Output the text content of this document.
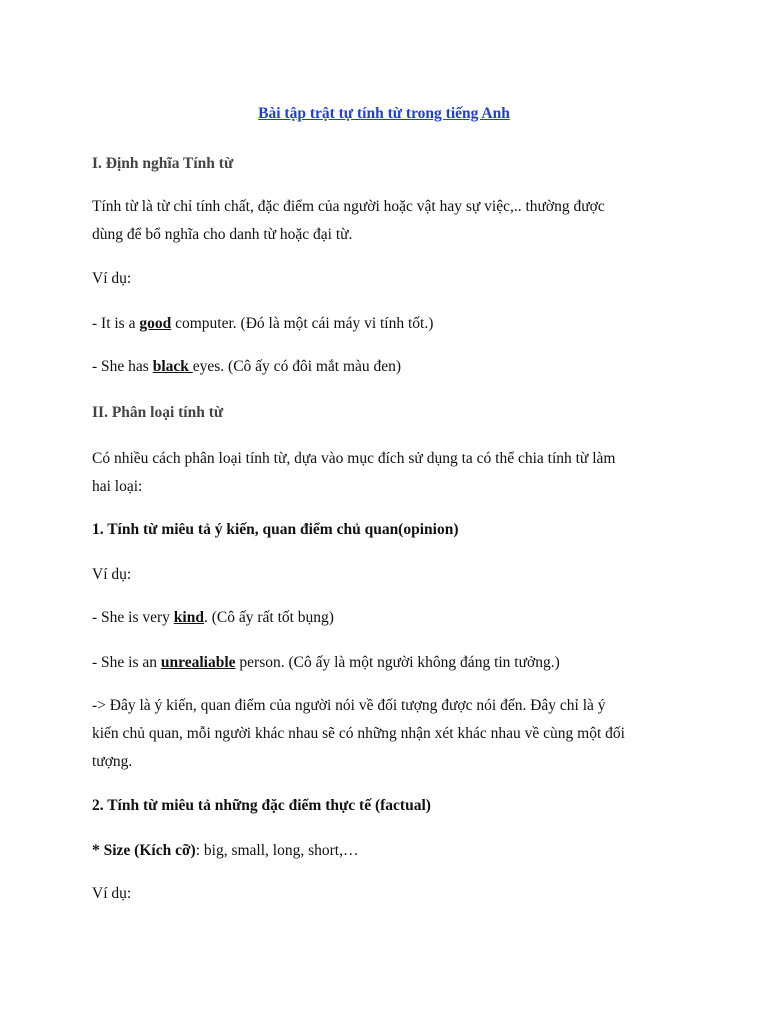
Bài tập trật tự tính từ trong tiếng Anh

I. Định nghĩa Tính từ

Tính từ là từ chỉ tính chất, đặc điểm của người hoặc vật hay sự việc,.. thường được

dùng để bổ nghĩa cho danh từ hoặc đại từ.

Ví dụ:

- It is a good computer. (Đó là một cái máy vi tính tốt.)

- She has black eyes. (Cô ấy có đôi mắt màu đen)

II. Phân loại tính từ

Có nhiều cách phân loại tính từ, dựa vào mục đích sử dụng ta có thể chia tính từ làm

hai loại:

1. Tính từ miêu tả ý kiến, quan điểm chủ quan(opinion)

Ví dụ:

- She is very kind. (Cô ấy rất tốt bụng)

- She is an unrealiable person. (Cô ấy là một người không đáng tin tưởng.)

-> Đây là ý kiến, quan điểm của người nói về đối tượng được nói đến. Đây chỉ là ý

kiến chủ quan, mỗi người khác nhau sẽ có những nhận xét khác nhau về cùng một đối

tượng.

2. Tính từ miêu tả những đặc điểm thực tế (factual)

* Size (Kích cỡ): big, small, long, short,…

Ví dụ:
